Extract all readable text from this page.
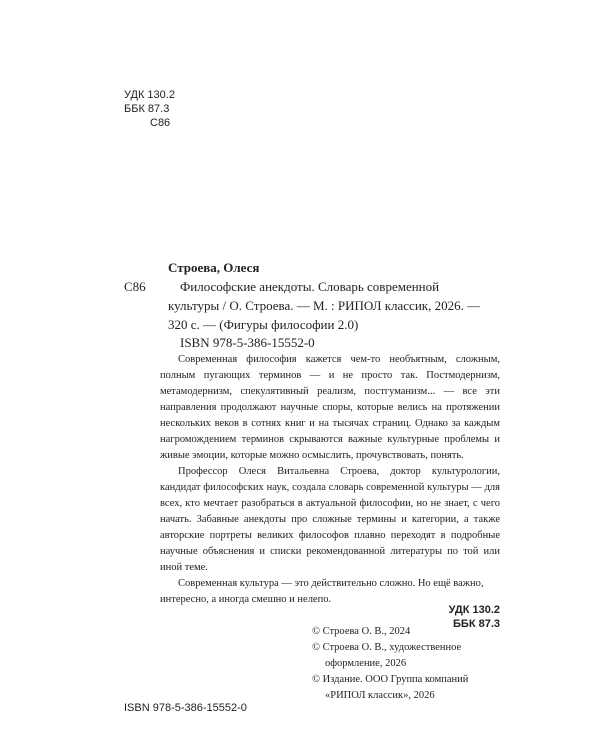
УДК 130.2
ББК 87.3
С86
Строева, Олеся
С86	Философские анекдоты. Словарь современной
культуры / О. Строева. — М. : РИПОЛ классик, 2026. —
320 с. — (Фигуры философии 2.0)
ISBN 978-5-386-15552-0

Современная философия кажется чем-то необъятным, сложным, полным пугающих терминов — и не просто так. Постмодернизм, метамодернизм, спекулятивный реализм, постгуманизм... — все эти направления продолжают научные споры, которые велись на протяжении нескольких веков в сотнях книг и на тысячах страниц. Однако за каждым нагромождением терминов скрываются важные культурные проблемы и живые эмоции, которые можно осмыслить, прочувствовать, понять.

Профессор Олеся Витальевна Строева, доктор культурологии, кандидат философских наук, создала словарь современной культуры — для всех, кто мечтает разобраться в актуальной философии, но не знает, с чего начать. Забавные анекдоты про сложные термины и категории, а также авторские портреты великих философов плавно переходят в подробные научные объяснения и списки рекомендованной литературы по той или иной теме.

Современная культура — это действительно сложно. Но ещё важно, интересно, а иногда смешно и нелепо.

УДК 130.2
ББК 87.3
ISBN 978-5-386-15552-0
© Строева О. В., 2024
© Строева О. В., художественное
оформление, 2026
© Издание. ООО Группа компаний
«РИПОЛ классик», 2026
